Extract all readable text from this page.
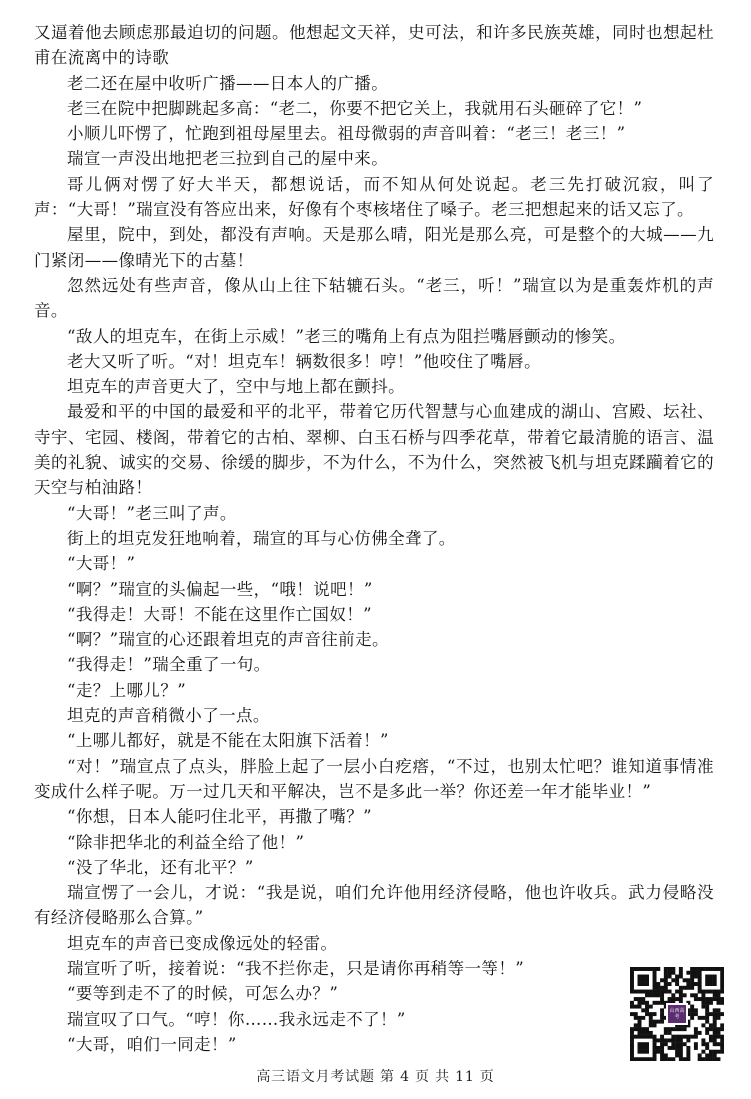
又逼着他去顾虑那最迫切的问题。他想起文天祥，史可法，和许多民族英雄，同时也想起杜甫在流离中的诗歌

老二还在屋中收听广播——日本人的广播。

老三在院中把脚跳起多高：“老二，你要不把它关上，我就用石头砸碎了它！”

小顺儿吓愣了，忙跑到祖母屋里去。祖母微弱的声音叫着：“老三！老三！”

瑞宣一声没出地把老三拉到自己的屋中来。

哥儿俩对愣了好大半天，都想说话，而不知从何处说起。老三先打破沉寂，叫了声：“大哥！”瑞宣没有答应出来，好像有个枣核堵住了嗓子。老三把想起来的话又忘了。

屋里，院中，到处，都没有声响。天是那么晴，阳光是那么亮，可是整个的大城——九门紧闭——像晴光下的古墓！

忽然远处有些声音，像从山上往下轱辘石头。“老三，听！”瑞宣以为是重轰炸机的声音。

“敌人的坦克车，在街上示威！”老三的嘴角上有点为阻拦嘴唇颤动的惨笑。

老大又听了听。“对！坦克车！辆数很多！哼！”他咬住了嘴唇。

坦克车的声音更大了，空中与地上都在颤抖。

最爱和平的中国的最爱和平的北平，带着它历代智慧与心血建成的湖山、宫殿、坛社、寺宇、宅园、楼阁，带着它的古柏、翠柳、白玉石桥与四季花草，带着它最清脆的语言、温美的礼貌、诚实的交易、徐缓的脚步，不为什么，不为什么，突然被飞机与坦克蹂躏着它的天空与柏油路！

“大哥！”老三叫了声。

街上的坦克发狂地响着，瑞宣的耳与心仿佛全聋了。

“大哥！”

“啊？”瑞宣的头偏起一些，“哦！说吧！”

“我得走！大哥！不能在这里作亡国奴！”

“啊？”瑞宣的心还跟着坦克的声音往前走。

“我得走！”瑞全重了一句。

“走？上哪儿？”

坦克的声音稍微小了一点。

“上哪儿都好，就是不能在太阳旗下活着！”

“对！”瑞宣点了点头，胖脸上起了一层小白疙瘩，“不过，也别太忙吧？谁知道事情准变成什么样子呢。万一过几天和平解决，岂不是多此一举？你还差一年才能毕业！”

“你想，日本人能叼住北平，再撒了嘴？”

“除非把华北的利益全给了他！”

“没了华北，还有北平？”

瑞宣愣了一会儿，才说：“我是说，咱们允许他用经济侵略，他也许收兵。武力侵略没有经济侵略那么合算。”

坦克车的声音已变成像远处的轻雷。

瑞宣听了听，接着说：“我不拦你走，只是请你再稍等一等！”

“要等到走不了的时候，可怎么办？”

瑞宣叹了口气。“哼！你……我永远走不了！”

“大哥，咱们一同走！”

山西高考
高三语文月考试题 第 4 页 共 11 页
